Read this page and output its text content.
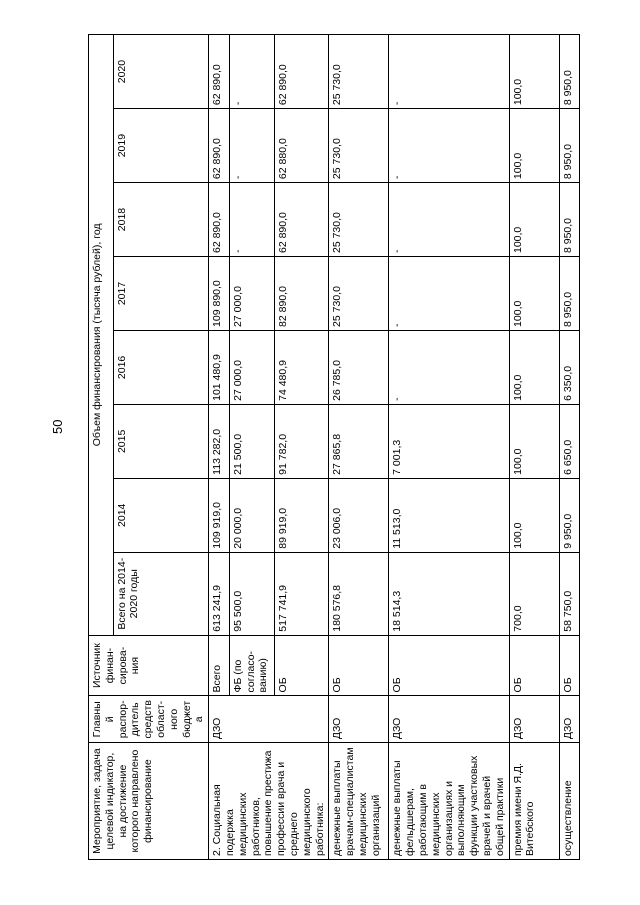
50
Мероприятие, задача целевой индикатор, на достижение которого направлено финансирование	Главный распор-дитель средств област-ного бюджета	Источник финан-сирова-ния	Объем финансирования (тысяча рублей), год							
			Всего на 2014-2020 годы	2014	2015	2016	2017	2018	2019	2020
2. Социальная подержка медицинских работников, повышение престижа профессии врача и среднего медицинского работника:	ДЗО	Всего	613 241,9	109 919,0	113 282,0	101 480,9	109 890,0	62 890,0	62 890,0	62 890,0
		ФБ (по согласо-ванию)	95 500,0	20 000,0	21 500,0	27 000,0	27 000,0	-	-	-
		ОБ	517 741,9	89 919,0	91 782,0	74 480,9	82 890,0	62 890,0	62 880,0	62 890,0
денежные выплаты врачам-специалистам медицинских организаций	ДЗО	ОБ	180 576,8	23 006,0	27 865,8	26 785,0	25 730,0	25 730,0	25 730,0	25 730,0
денежные выплаты фельдшерам, работающим в медицинских организациях и выполняющим функции участковых врачей и врачей общей практики	ДЗО	ОБ	18 514,3	11 513,0	7 001,3	-	-	-	-	-
премия имени Я.Д. Витебского	ДЗО	ОБ	700,0	100,0	100,0	100,0	100,0	100,0	100,0	100,0
осуществление	ДЗО	ОБ	58 750,0	9 950,0	6 650,0	6 350,0	8 950,0	8 950,0	8 950,0	8 950,0
